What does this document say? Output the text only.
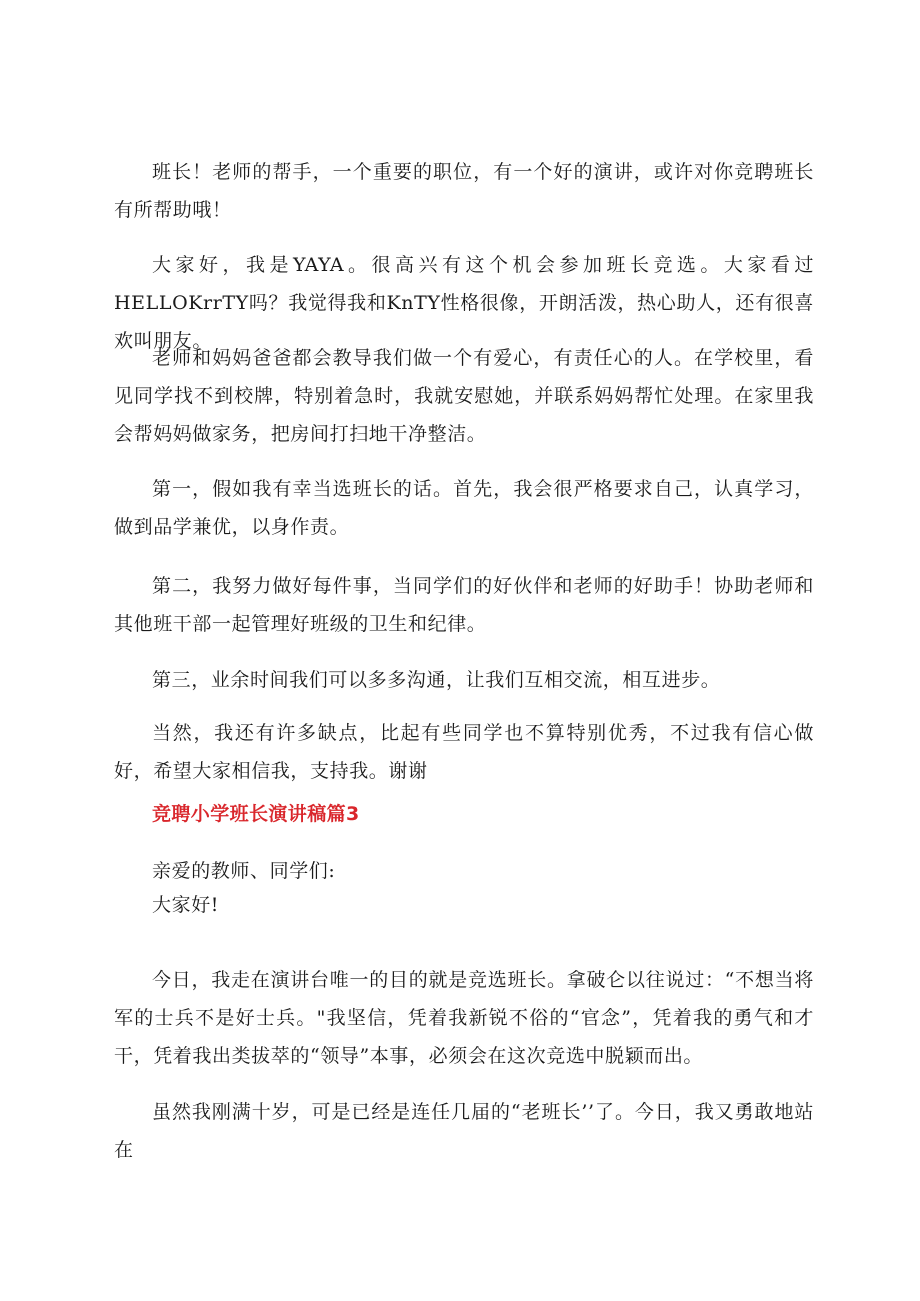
班长！老师的帮手，一个重要的职位，有一个好的演讲，或许对你竞聘班长有所帮助哦！

大家好，我是YAYA。很高兴有这个机会参加班长竞选。大家看过HELLOKrrTY吗？我觉得我和KnTY性格很像，开朗活泼，热心助人，还有很喜欢叫朋友。

老师和妈妈爸爸都会教导我们做一个有爱心，有责任心的人。在学校里，看见同学找不到校牌，特别着急时，我就安慰她，并联系妈妈帮忙处理。在家里我会帮妈妈做家务，把房间打扫地干净整洁。

第一，假如我有幸当选班长的话。首先，我会很严格要求自己，认真学习，做到品学兼优，以身作责。

第二，我努力做好每件事，当同学们的好伙伴和老师的好助手！协助老师和其他班干部一起管理好班级的卫生和纪律。

第三，业余时间我们可以多多沟通，让我们互相交流，相互进步。

当然，我还有许多缺点，比起有些同学也不算特别优秀，不过我有信心做好，希望大家相信我，支持我。谢谢

竞聘小学班长演讲稿篇3

亲爱的教师、同学们:

大家好!

今日，我走在演讲台唯一的目的就是竞选班长。拿破仑以往说过：“不想当将军的士兵不是好士兵。"我坚信，凭着我新锐不俗的“官念”，凭着我的勇气和才干，凭着我出类拔萃的“领导”本事，必须会在这次竞选中脱颖而出。

虽然我刚满十岁，可是已经是连任几届的“老班长’’了。今日，我又勇敢地站在
